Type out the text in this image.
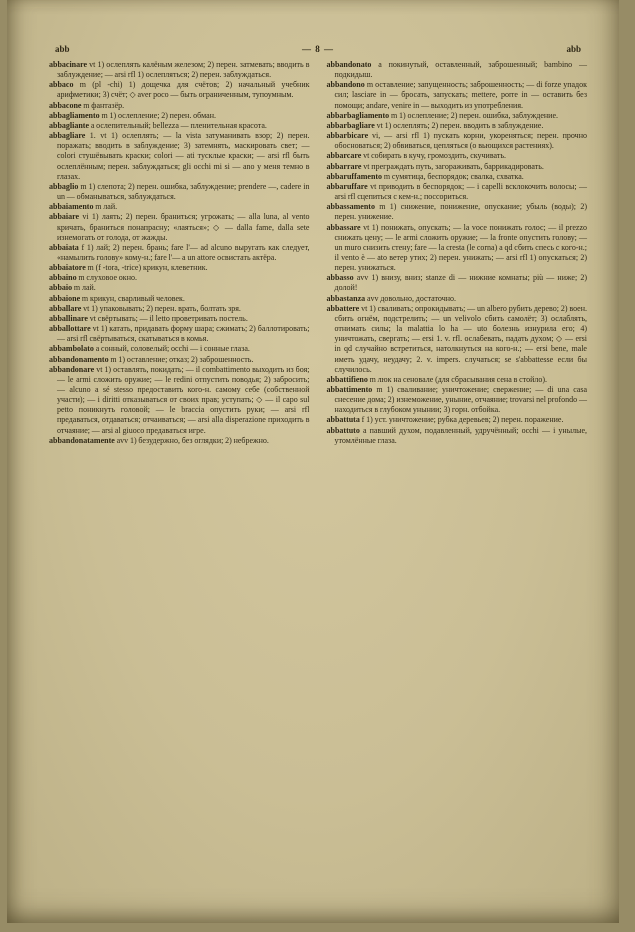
abb	— 8 —	abb

abbacinare vt 1) ослеплять калёным железом; 2) перен. затмевать; вводить в заблуждение; — arsi rfl 1) ослепляться; 2) перен. заблуждаться.

abbaco m (pl -chi) 1) дощечка для счётов; 2) начальный учебник арифметики; 3) счёт; ◇ aver poco — быть ограниченным, тупоумным.

abbacone m фантазёр.

abbagliamento m 1) ослепление; 2) перен. обман.

abbagliante a ослепительный; bellezza — пленительная красота.

abbagliare 1. vt 1) ослеплять; — la vista затуманивать взор; 2) перен. поражать; вводить в заблуждение; 3) затемнять, маскировать свет; — colori стушёвывать краски; colori — ati тусклые краски; — arsi rfl быть ослеплённым; перен. заблуждаться; gli occhi mi si — ano у меня темно в глазах.

abbaglio m 1) слепота; 2) перен. ошибка, заблуждение; prendere —, cadere in un — обманываться, заблуждаться.

abbaiamento m лай.

abbaiare vi 1) лаять; 2) перен. браниться; угрожать; — alla luna, al vento кричать, браниться понапрасну; «лаяться»; ◇ — dalla fame, dalla sete изнемогать от голода, от жажды.

abbaiata f 1) лай; 2) перен. брань; fare l'— ad alcuno выругать как следует, «намылить голову» кому-н.; fare l'— a un attore освистать актёра.

abbaiatore m (f -tora, -trice) крикун, клеветник.

abbaino m слуховое окно.

abbaio m лай.

abbaione m крикун, сварливый человек.

abballare vt 1) упаковывать; 2) перен. врать, болтать зря.

abballinare vt свёртывать; — il letto проветривать постель.

abballottare vt 1) катать, придавать форму шара; сжимать; 2) баллотировать; — arsi rfl свёртываться, скатываться в комья.

abbambolato a сонный, соловелый; occhi — i сонные глаза.

abbandonamento m 1) оставление; отказ; 2) заброшенность.

abbandonare vt 1) оставлять, покидать; — il combattimento выходить из боя; — le armi сложить оружие; — le redini отпустить поводья; 2) забросить; — alcuno a sé stesso предоставить кого-н. самому себе (собственной участи); — i diritti отказываться от своих прав; уступать; ◇ — il capo sul petto поникнуть головой; — le braccia опустить руки; — arsi rfl предаваться, отдаваться; отчаиваться; — arsi alla disperazione приходить в отчаяние; — arsi al giuoco предаваться игре.

abbandonatamente avv 1) безудержно, без оглядки; 2) небрежно.

abbandonato a покинутый, оставленный, заброшенный; bambino — подкидыш.

abbandono m оставление; запущенность; заброшенность; — di forze упадок сил; lasciare in — бросать, запускать; mettere, porre in — оставить без помощи; andare, venire in — выходить из употребления.

abbarbagliamento m 1) ослепление; 2) перен. ошибка, заблуждение.

abbarbagliare vt 1) ослеплять; 2) перен. вводить в заблуждение.

abbarbicare vi, — arsi rfl 1) пускать корни, укореняться; перен. прочно обосноваться; 2) обвиваться, цепляться (о вьющихся растениях).

abbarcare vt собирать в кучу, громоздить, скучивать.

abbarrare vt преграждать путь, загораживать, баррикадировать.

abbaruffamento m сумятица, беспорядок; свалка, схватка.

abbaruffare vt приводить в беспорядок; — i capelli всклокочить волосы; — arsi rfl сцепиться с кем-н.; поссориться.

abbassamento m 1) снижение, понижение, опускание; убыль (воды); 2) перен. унижение.

abbassare vt 1) понижать, опускать; — la voce понижать голос; — il prezzo снижать цену; — le armi сложить оружие; — la fronte опустить голову; — un muro снизить стену; fare — la cresta (le corna) a qd сбить спесь с кого-н.; il vento è — ato ветер утих; 2) перен. унижать; — arsi rfl 1) опускаться; 2) перен. унижаться.

abbasso avv 1) внизу, вниз; stanze di — нижние комнаты; più — ниже; 2) долой!

abbastanza avv довольно, достаточно.

abbattere vt 1) сваливать; опрокидывать; — un albero рубить дерево; 2) воен. сбить огнём, подстрелить; — un velivolo сбить самолёт; 3) ослаблять, отнимать силы; la malattia lo ha — uto болезнь изнурила его; 4) уничтожать, свергать; — ersi 1. v. rfl. ослабевать, падать духом; ◇ — ersi in qd случайно встретиться, натолкнуться на кого-н.; — ersi bene, male иметь удачу, неудачу; 2. v. impers. случаться; se s'abbattesse если бы случилось.

abbattifieno m люк на сеновале (для сбрасывания сена в стойло).

abbattimento m 1) сваливание; уничтожение; свержение; — di una casa снесение дома; 2) изнеможение, уныние, отчаяние; trovarsi nel profondo — находиться в глубоком унынии; 3) горн. отбойка.

abbattuta f 1) уст. уничтожение; рубка деревьев; 2) перен. поражение.

abbattuto a павший духом, подавленный, удручённый; occhi — i унылые, утомлённые глаза.
